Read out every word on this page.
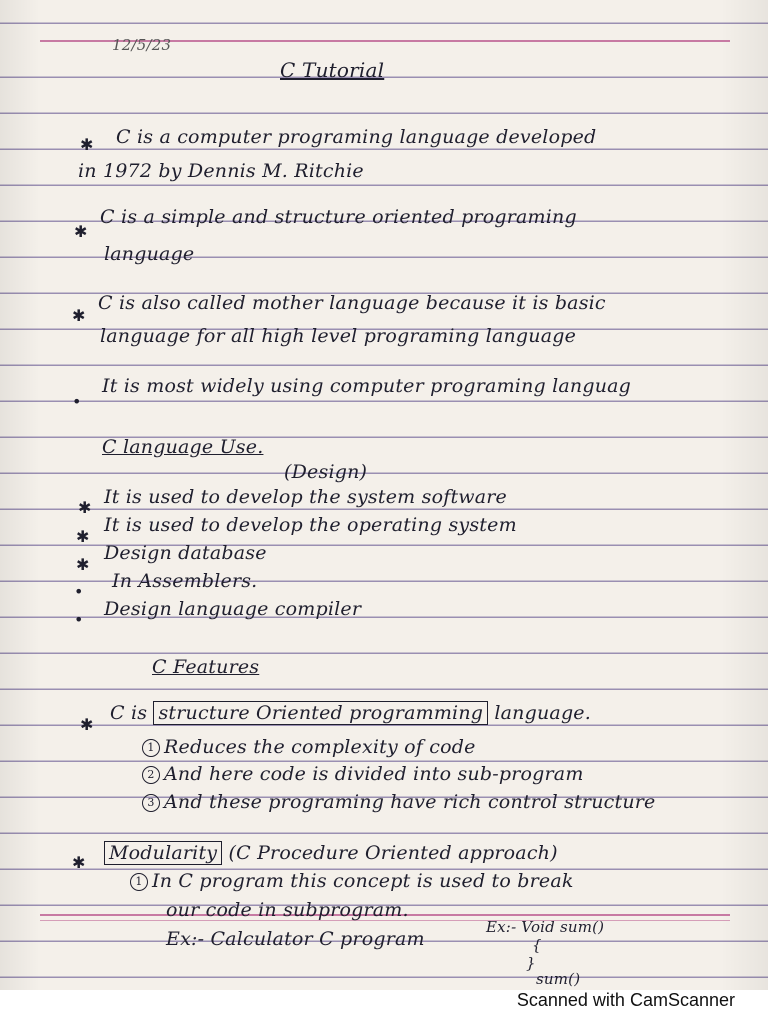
12/5/23
C Tutorial
✱ C is a computer programing language developed
in 1972 by Dennis M. Ritchie
✱
C is a simple and structure oriented programing
language
✱
C is also called mother language because it is basic
language for all high level programing language
•
It is most widely using computer programing languag
C language Use.
(Design)
✱ It is used to develop the system software
✱
It is used to develop the operating system
✱
Design database
• In Assemblers.
• Design language compiler
C Features
✱
C is structure Oriented programming language.
1 Reduces the complexity of code
2 And here code is divided into sub-program
3 And these programing have rich control structure
✱ Modularity (C Procedure Oriented approach)
1 In C program this concept is used to break
our code in subprogram.
Ex:- Calculator C program
Ex:- Void sum()
{
}
sum()
Scanned with CamScanner
